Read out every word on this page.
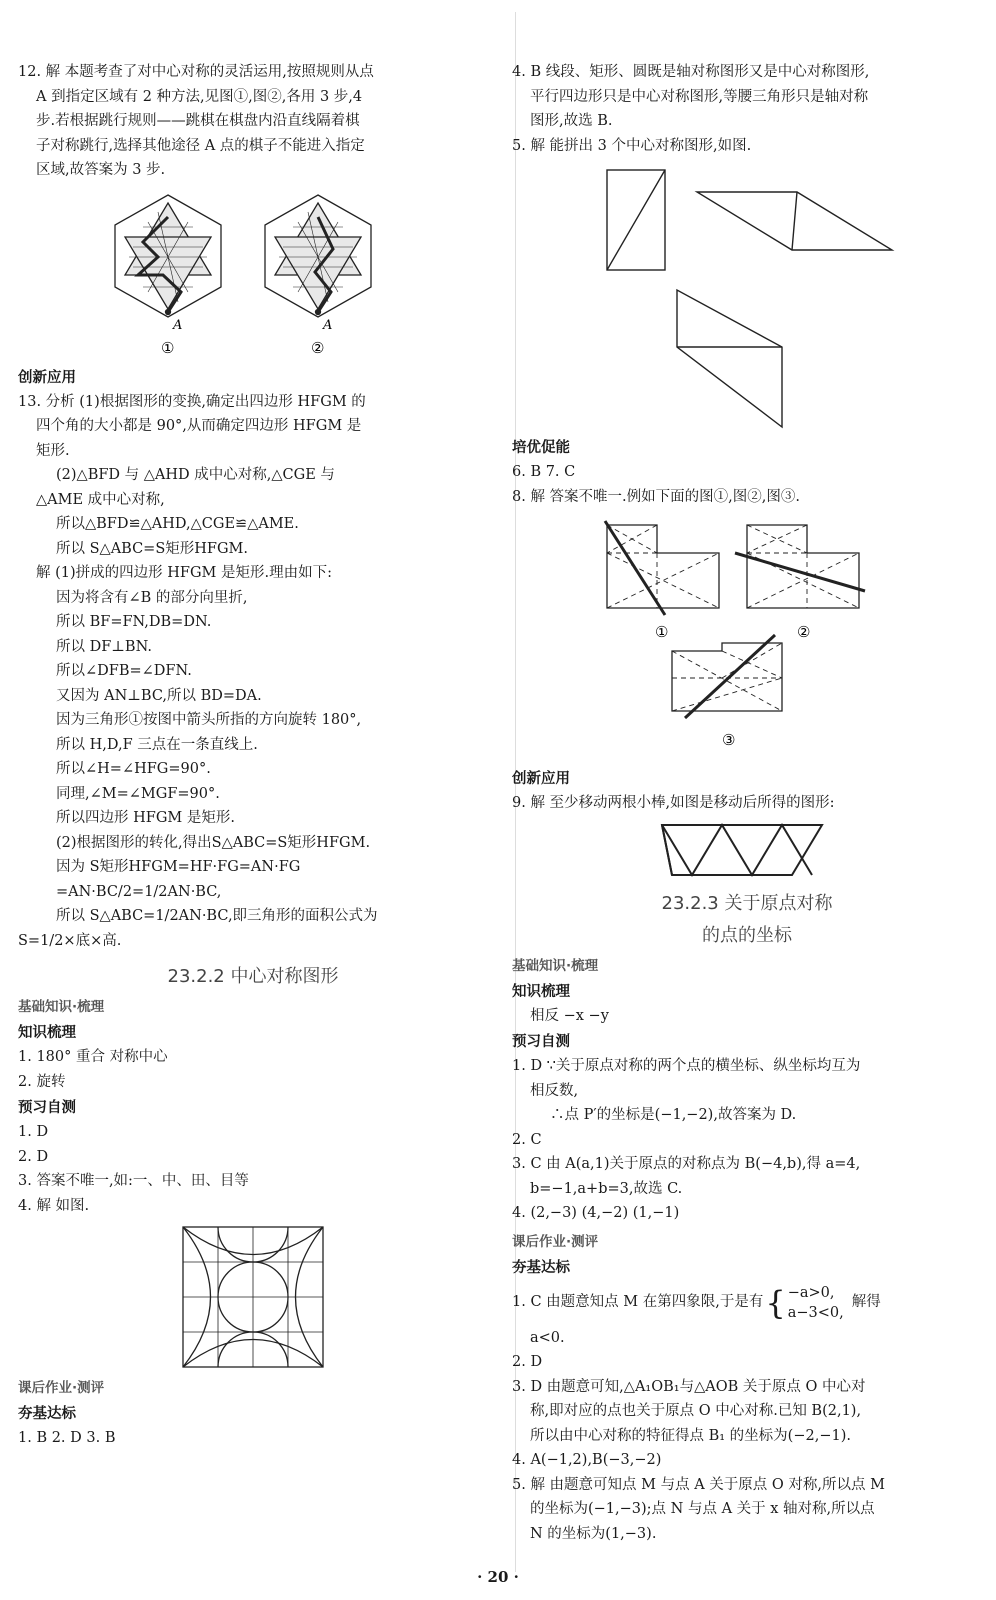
12. 解 本题考查了对中心对称的灵活运用,按照规则从点

A 到指定区域有 2 种方法,见图①,图②,各用 3 步,4

步.若根据跳行规则——跳棋在棋盘内沿直线隔着棋

子对称跳行,选择其他途径 A 点的棋子不能进入指定

区域,故答案为 3 步.

A
①
A
②

创新应用

13. 分析 (1)根据图形的变换,确定出四边形 HFGM 的

四个角的大小都是 90°,从而确定四边形 HFGM 是

矩形.

(2)△BFD 与 △AHD 成中心对称,△CGE 与

△AME 成中心对称,

所以△BFD≌△AHD,△CGE≌△AME.

所以 S△ABC=S矩形HFGM.

解 (1)拼成的四边形 HFGM 是矩形.理由如下:

因为将含有∠B 的部分向里折,

所以 BF=FN,DB=DN.

所以 DF⊥BN.

所以∠DFB=∠DFN.

又因为 AN⊥BC,所以 BD=DA.

因为三角形①按图中箭头所指的方向旋转 180°,

所以 H,D,F 三点在一条直线上.

所以∠H=∠HFG=90°.

同理,∠M=∠MGF=90°.

所以四边形 HFGM 是矩形.

(2)根据图形的转化,得出S△ABC=S矩形HFGM.

因为 S矩形HFGM=HF·FG=AN·FG

=AN·BC/2=1/2AN·BC,

所以 S△ABC=1/2AN·BC,即三角形的面积公式为

S=1/2×底×高.

23.2.2 中心对称图形

基础知识·梳理

知识梳理

1. 180° 重合 对称中心

2. 旋转

预习自测

1. D

2. D

3. 答案不唯一,如:一、中、田、目等

4. 解 如图.

课后作业·测评

夯基达标

1. B 2. D 3. B

4. B 线段、矩形、圆既是轴对称图形又是中心对称图形,

平行四边形只是中心对称图形,等腰三角形只是轴对称

图形,故选 B.

5. 解 能拼出 3 个中心对称图形,如图.

培优促能

6. B 7. C

8. 解 答案不唯一.例如下面的图①,图②,图③.

①	②
③

创新应用

9. 解 至少移动两根小棒,如图是移动后所得的图形:

23.2.3 关于原点对称

的点的坐标

基础知识·梳理

知识梳理

相反 −x −y

预习自测

1. D ∵关于原点对称的两个点的横坐标、纵坐标均互为

相反数,

∴点 P′的坐标是(−1,−2),故答案为 D.

2. C

3. C 由 A(a,1)关于原点的对称点为 B(−4,b),得 a=4,

b=−1,a+b=3,故选 C.

4. (2,−3) (4,−2) (1,−1)

课后作业·测评

夯基达标

1. C 由题意知点 M 在第四象限,于是有 { −a>0,
a−3<0,
解得

a<0.

2. D

3. D 由题意可知,△A₁OB₁与△AOB 关于原点 O 中心对

称,即对应的点也关于原点 O 中心对称.已知 B(2,1),

所以由中心对称的特征得点 B₁ 的坐标为(−2,−1).

4. A(−1,2),B(−3,−2)

5. 解 由题意可知点 M 与点 A 关于原点 O 对称,所以点 M

的坐标为(−1,−3);点 N 与点 A 关于 x 轴对称,所以点

N 的坐标为(1,−3).

· 20 ·
